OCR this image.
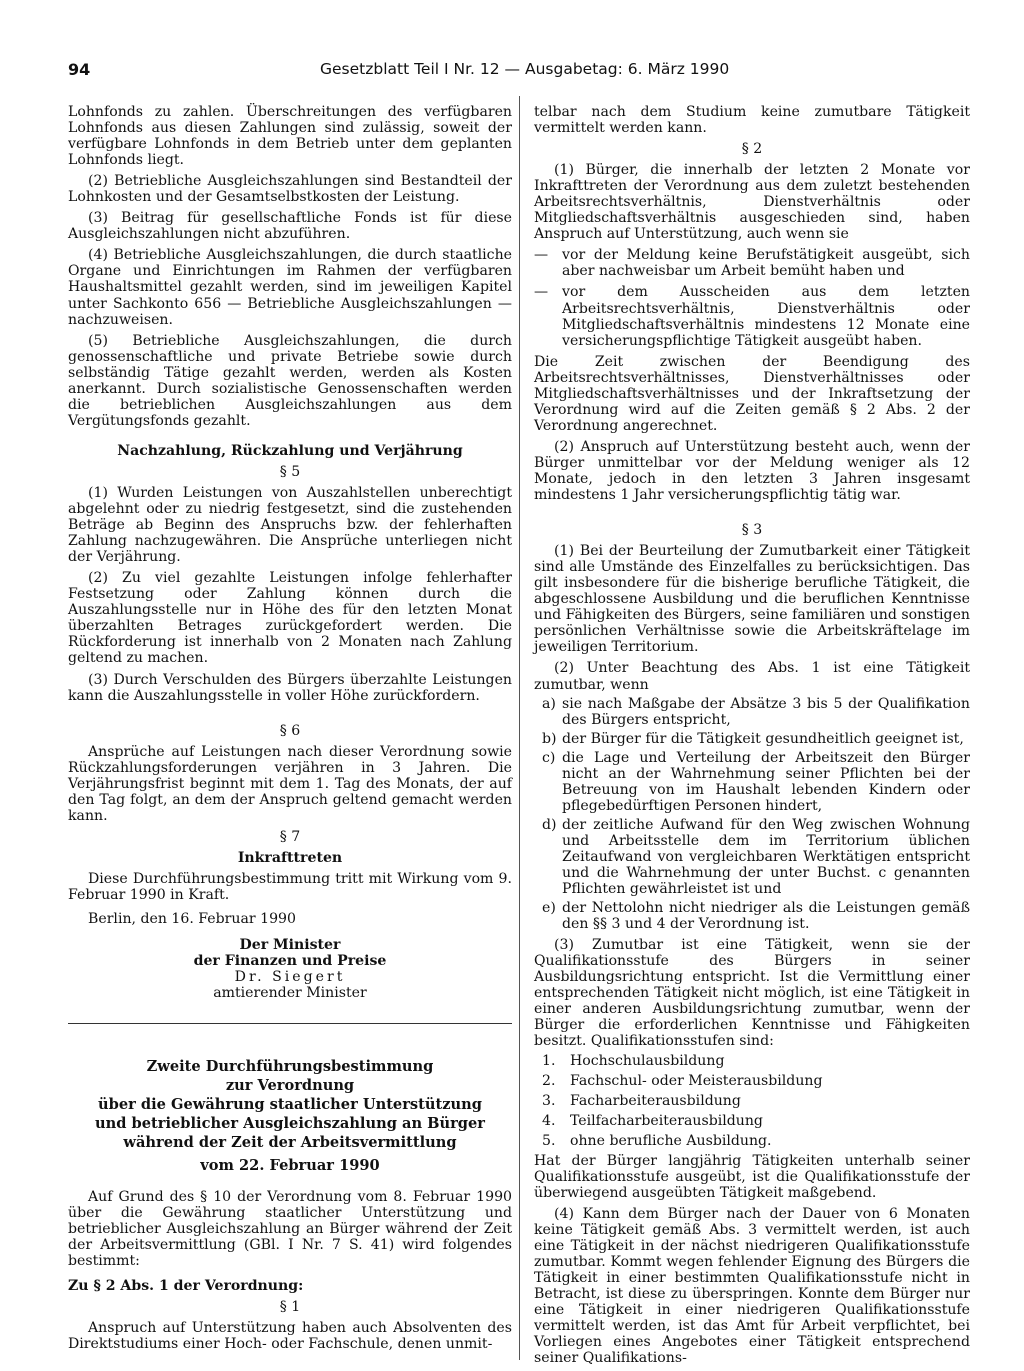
94	Gesetzblatt Teil I Nr. 12 — Ausgabetag: 6. März 1990

Lohnfonds zu zahlen. Überschreitungen des verfügbaren Lohnfonds aus diesen Zahlungen sind zulässig, soweit der verfügbare Lohnfonds in dem Betrieb unter dem geplanten Lohnfonds liegt.

(2) Betriebliche Ausgleichszahlungen sind Bestandteil der Lohnkosten und der Gesamtselbstkosten der Leistung.

(3) Beitrag für gesellschaftliche Fonds ist für diese Ausgleichszahlungen nicht abzuführen.

(4) Betriebliche Ausgleichszahlungen, die durch staatliche Organe und Einrichtungen im Rahmen der verfügbaren Haushaltsmittel gezahlt werden, sind im jeweiligen Kapitel unter Sachkonto 656 — Betriebliche Ausgleichszahlungen — nachzuweisen.

(5) Betriebliche Ausgleichszahlungen, die durch genossenschaftliche und private Betriebe sowie durch selbständig Tätige gezahlt werden, werden als Kosten anerkannt. Durch sozialistische Genossenschaften werden die betrieblichen Ausgleichszahlungen aus dem Vergütungsfonds gezahlt.

Nachzahlung, Rückzahlung und Verjährung
§ 5

(1) Wurden Leistungen von Auszahlstellen unberechtigt abgelehnt oder zu niedrig festgesetzt, sind die zustehenden Beträge ab Beginn des Anspruchs bzw. der fehlerhaften Zahlung nachzugewähren. Die Ansprüche unterliegen nicht der Verjährung.

(2) Zu viel gezahlte Leistungen infolge fehlerhafter Festsetzung oder Zahlung können durch die Auszahlungsstelle nur in Höhe des für den letzten Monat überzahlten Betrages zurückgefordert werden. Die Rückforderung ist innerhalb von 2 Monaten nach Zahlung geltend zu machen.

(3) Durch Verschulden des Bürgers überzahlte Leistungen kann die Auszahlungsstelle in voller Höhe zurückfordern.

§ 6

Ansprüche auf Leistungen nach dieser Verordnung sowie Rückzahlungsforderungen verjähren in 3 Jahren. Die Verjährungsfrist beginnt mit dem 1. Tag des Monats, der auf den Tag folgt, an dem der Anspruch geltend gemacht werden kann.

§ 7
Inkrafttreten

Diese Durchführungsbestimmung tritt mit Wirkung vom 9. Februar 1990 in Kraft.

Berlin, den 16. Februar 1990

Der Minister
der Finanzen und Preise
Dr. Siegert
amtierender Minister
Zweite Durchführungsbestimmung
zur Verordnung
über die Gewährung staatlicher Unterstützung
und betrieblicher Ausgleichszahlung an Bürger
während der Zeit der Arbeitsvermittlung
vom 22. Februar 1990

Auf Grund des § 10 der Verordnung vom 8. Februar 1990 über die Gewährung staatlicher Unterstützung und betrieblicher Ausgleichszahlung an Bürger während der Zeit der Arbeitsvermittlung (GBl. I Nr. 7 S. 41) wird folgendes bestimmt:

Zu § 2 Abs. 1 der Verordnung:

§ 1

Anspruch auf Unterstützung haben auch Absolventen des Direktstudiums einer Hoch- oder Fachschule, denen unmit-

telbar nach dem Studium keine zumutbare Tätigkeit vermittelt werden kann.

§ 2

(1) Bürger, die innerhalb der letzten 2 Monate vor Inkrafttreten der Verordnung aus dem zuletzt bestehenden Arbeitsrechtsverhältnis, Dienstverhältnis oder Mitgliedschaftsverhältnis ausgeschieden sind, haben Anspruch auf Unterstützung, auch wenn sie

— vor der Meldung keine Berufstätigkeit ausgeübt, sich aber nachweisbar um Arbeit bemüht haben und
— vor dem Ausscheiden aus dem letzten Arbeitsrechtsverhältnis, Dienstverhältnis oder Mitgliedschaftsverhältnis mindestens 12 Monate eine versicherungspflichtige Tätigkeit ausgeübt haben.

Die Zeit zwischen der Beendigung des Arbeitsrechtsverhältnisses, Dienstverhältnisses oder Mitgliedschaftsverhältnisses und der Inkraftsetzung der Verordnung wird auf die Zeiten gemäß § 2 Abs. 2 der Verordnung angerechnet.

(2) Anspruch auf Unterstützung besteht auch, wenn der Bürger unmittelbar vor der Meldung weniger als 12 Monate, jedoch in den letzten 3 Jahren insgesamt mindestens 1 Jahr versicherungspflichtig tätig war.

§ 3

(1) Bei der Beurteilung der Zumutbarkeit einer Tätigkeit sind alle Umstände des Einzelfalles zu berücksichtigen. Das gilt insbesondere für die bisherige berufliche Tätigkeit, die abgeschlossene Ausbildung und die beruflichen Kenntnisse und Fähigkeiten des Bürgers, seine familiären und sonstigen persönlichen Verhältnisse sowie die Arbeitskräftelage im jeweiligen Territorium.

(2) Unter Beachtung des Abs. 1 ist eine Tätigkeit zumutbar, wenn

a) sie nach Maßgabe der Absätze 3 bis 5 der Qualifikation des Bürgers entspricht,
b) der Bürger für die Tätigkeit gesundheitlich geeignet ist,
c) die Lage und Verteilung der Arbeitszeit den Bürger nicht an der Wahrnehmung seiner Pflichten bei der Betreuung von im Haushalt lebenden Kindern oder pflegebedürftigen Personen hindert,
d) der zeitliche Aufwand für den Weg zwischen Wohnung und Arbeitsstelle dem im Territorium üblichen Zeitaufwand von vergleichbaren Werktätigen entspricht und die Wahrnehmung der unter Buchst. c genannten Pflichten gewährleistet ist und
e) der Nettolohn nicht niedriger als die Leistungen gemäß den §§ 3 und 4 der Verordnung ist.

(3) Zumutbar ist eine Tätigkeit, wenn sie der Qualifikationsstufe des Bürgers in seiner Ausbildungsrichtung entspricht. Ist die Vermittlung einer entsprechenden Tätigkeit nicht möglich, ist eine Tätigkeit in einer anderen Ausbildungsrichtung zumutbar, wenn der Bürger die erforderlichen Kenntnisse und Fähigkeiten besitzt. Qualifikationsstufen sind:

1. Hochschulausbildung
2. Fachschul- oder Meisterausbildung
3. Facharbeiterausbildung
4. Teilfacharbeiterausbildung
5. ohne berufliche Ausbildung.

Hat der Bürger langjährig Tätigkeiten unterhalb seiner Qualifikationsstufe ausgeübt, ist die Qualifikationsstufe der überwiegend ausgeübten Tätigkeit maßgebend.

(4) Kann dem Bürger nach der Dauer von 6 Monaten keine Tätigkeit gemäß Abs. 3 vermittelt werden, ist auch eine Tätigkeit in der nächst niedrigeren Qualifikationsstufe zumutbar. Kommt wegen fehlender Eignung des Bürgers die Tätigkeit in einer bestimmten Qualifikationsstufe nicht in Betracht, ist diese zu überspringen. Konnte dem Bürger nur eine Tätigkeit in einer niedrigeren Qualifikationsstufe vermittelt werden, ist das Amt für Arbeit verpflichtet, bei Vorliegen eines Angebotes einer Tätigkeit entsprechend seiner Qualifikations-
